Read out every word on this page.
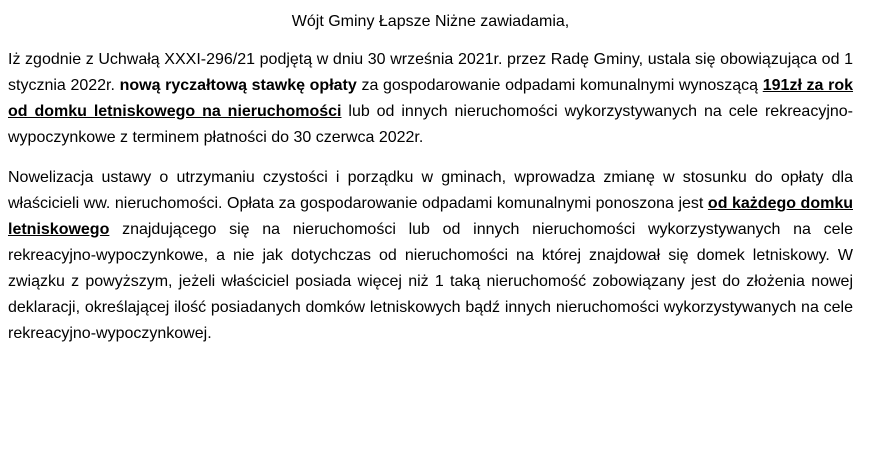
Wójt Gminy Łapsze Niżne zawiadamia,

Iż zgodnie z Uchwałą XXXI-296/21 podjętą w dniu 30 września 2021r. przez Radę Gminy, ustala się obowiązująca od 1 stycznia 2022r. nową ryczałtową stawkę opłaty za gospodarowanie odpadami komunalnymi wynoszącą 191zł za rok od domku letniskowego na nieruchomości lub od innych nieruchomości wykorzystywanych na cele rekreacyjno-wypoczynkowe z terminem płatności do 30 czerwca 2022r.

Nowelizacja ustawy o utrzymaniu czystości i porządku w gminach, wprowadza zmianę w stosunku do opłaty dla właścicieli ww. nieruchomości. Opłata za gospodarowanie odpadami komunalnymi ponoszona jest od każdego domku letniskowego znajdującego się na nieruchomości lub od innych nieruchomości wykorzystywanych na cele rekreacyjno-wypoczynkowe, a nie jak dotychczas od nieruchomości na której znajdował się domek letniskowy. W związku z powyższym, jeżeli właściciel posiada więcej niż 1 taką nieruchomość zobowiązany jest do złożenia nowej deklaracji, określającej ilość posiadanych domków letniskowych bądź innych nieruchomości wykorzystywanych na cele rekreacyjno-wypoczynkowej.
